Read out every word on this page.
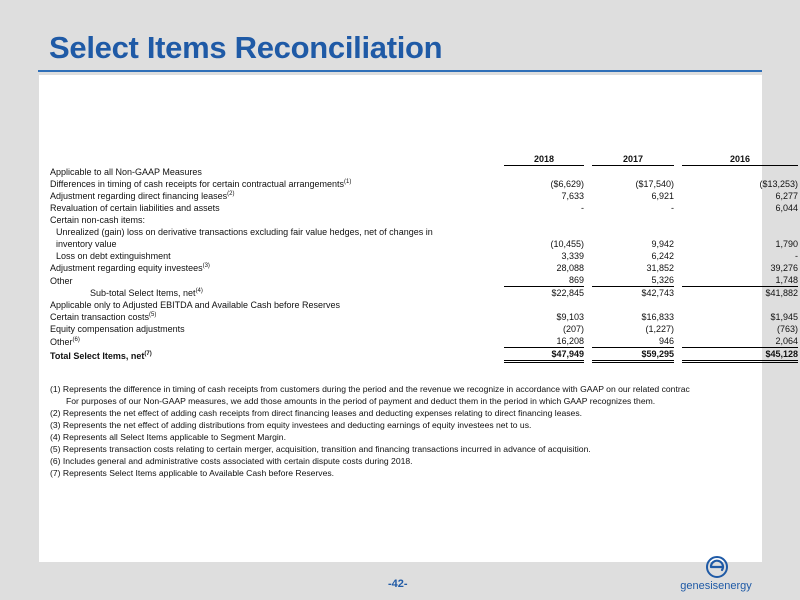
Select Items Reconciliation
		2018		2017		2016
Applicable to all Non-GAAP Measures						
Differences in timing of cash receipts for certain contractual arrangements$^{(1)}$		($6,629)		($17,540)		($13,253)
Adjustment regarding direct financing leases$^{(2)}$		7,633		6,921		6,277
Revaluation of certain liabilities and assets		-		-		6,044
Certain non-cash items:						
Unrealized (gain) loss on derivative transactions excluding fair value hedges, net of changes in						
inventory value		(10,455)		9,942		1,790
Loss on debt extinguishment		3,339		6,242		-
Adjustment regarding equity investees$^{(3)}$		28,088		31,852		39,276
Other		869		5,326		1,748
Sub-total Select Items, net$^{(4)}$		$22,845		$42,743		$41,882
Applicable only to Adjusted EBITDA and Available Cash before Reserves						
Certain transaction costs$^{(5)}$		$9,103		$16,833		$1,945
Equity compensation adjustments		(207)		(1,227)		(763)
Other$^{(6)}$		16,208		946		2,064
Total Select Items, net$^{(7)}$		$47,949		$59,295		$45,128
(1) Represents the difference in timing of cash receipts from customers during the period and the revenue we recognize in accordance with GAAP on our related contrac
For purposes of our Non-GAAP measures, we add those amounts in the period of payment and deduct them in the period in which GAAP recognizes them.
(2) Represents the net effect of adding cash receipts from direct financing leases and deducting expenses relating to direct financing leases.
(3) Represents the net effect of adding distributions from equity investees and deducting earnings of equity investees net to us.
(4) Represents all Select Items applicable to Segment Margin.
(5) Represents transaction costs relating to certain merger, acquisition, transition and financing transactions incurred in advance of acquisition.
(6) Includes general and administrative costs associated with certain dispute costs during 2018.
(7) Represents Select Items applicable to Available Cash before Reserves.
-42-	genesisenergy
